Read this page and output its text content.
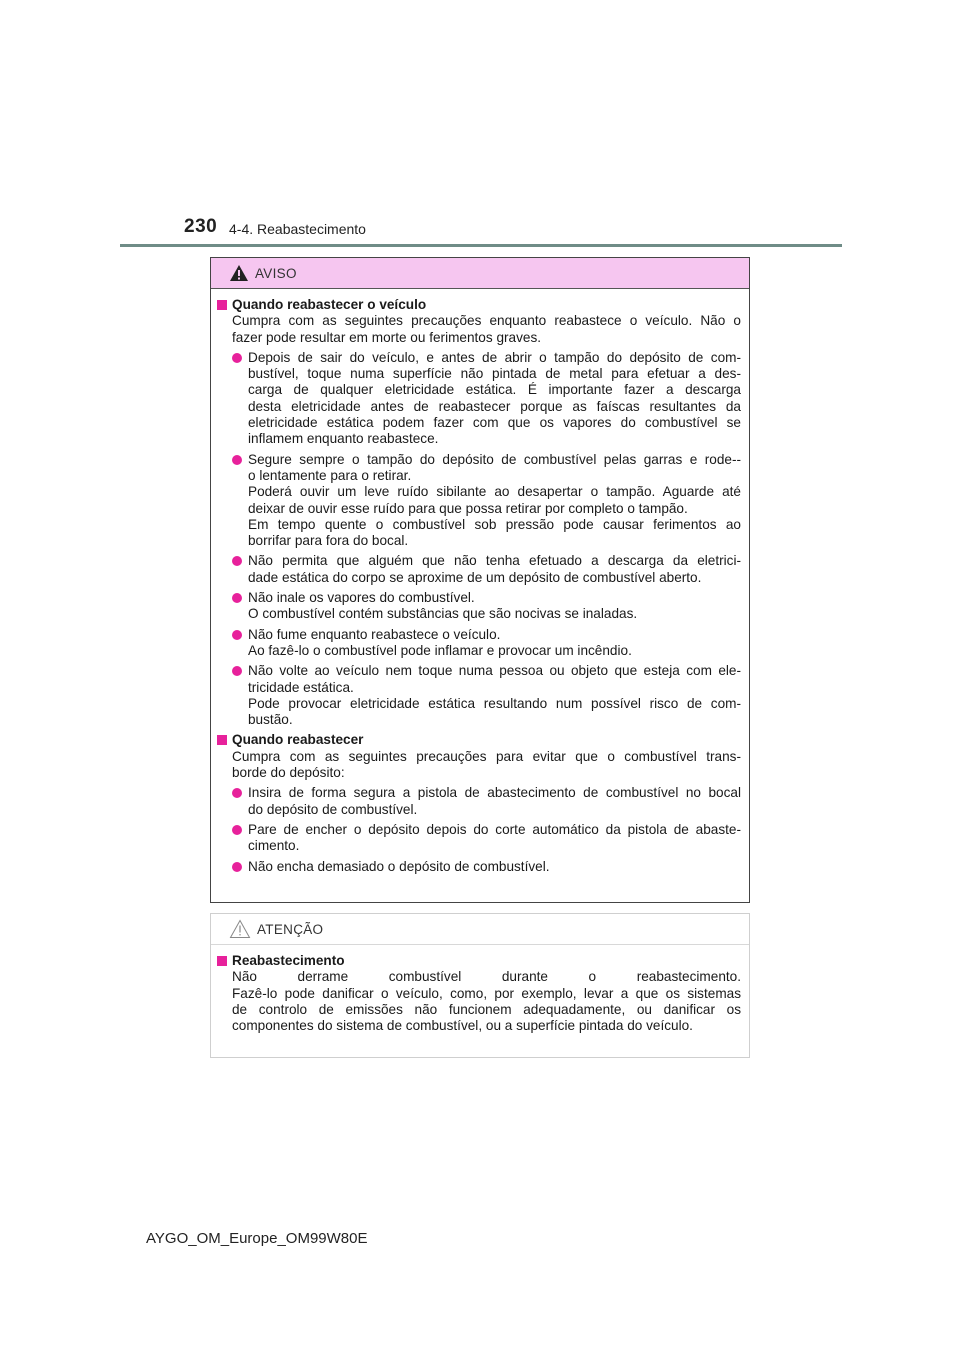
230 4-4. Reabastecimento
AVISO
Quando reabastecer o veículo
Cumpra com as seguintes precauções enquanto reabastece o veículo. Não o
fazer pode resultar em morte ou ferimentos graves.
Depois de sair do veículo, e antes de abrir o tampão do depósito de com-
bustível, toque numa superfície não pintada de metal para efetuar a des-
carga de qualquer eletricidade estática. É importante fazer a descarga
desta eletricidade antes de reabastecer porque as faíscas resultantes da
eletricidade estática podem fazer com que os vapores do combustível se
inflamem enquanto reabastece.
Segure sempre o tampão do depósito de combustível pelas garras e rode--
o lentamente para o retirar.
Poderá ouvir um leve ruído sibilante ao desapertar o tampão. Aguarde até
deixar de ouvir esse ruído para que possa retirar por completo o tampão.
Em tempo quente o combustível sob pressão pode causar ferimentos ao
borrifar para fora do bocal.
Não permita que alguém que não tenha efetuado a descarga da eletrici-
dade estática do corpo se aproxime de um depósito de combustível aberto.
Não inale os vapores do combustível.
O combustível contém substâncias que são nocivas se inaladas.
Não fume enquanto reabastece o veículo.
Ao fazê-lo o combustível pode inflamar e provocar um incêndio.
Não volte ao veículo nem toque numa pessoa ou objeto que esteja com ele-
tricidade estática.
Pode provocar eletricidade estática resultando num possível risco de com-
bustão.
Quando reabastecer
Cumpra com as seguintes precauções para evitar que o combustível trans-
borde do depósito:
Insira de forma segura a pistola de abastecimento de combustível no bocal
do depósito de combustível.
Pare de encher o depósito depois do corte automático da pistola de abaste-
cimento.
Não encha demasiado o depósito de combustível.
ATENÇÃO
Reabastecimento
Não derrame combustível durante o reabastecimento.
Fazê-lo pode danificar o veículo, como, por exemplo, levar a que os sistemas
de controlo de emissões não funcionem adequadamente, ou danificar os
componentes do sistema de combustível, ou a superfície pintada do veículo.
AYGO_OM_Europe_OM99W80E
